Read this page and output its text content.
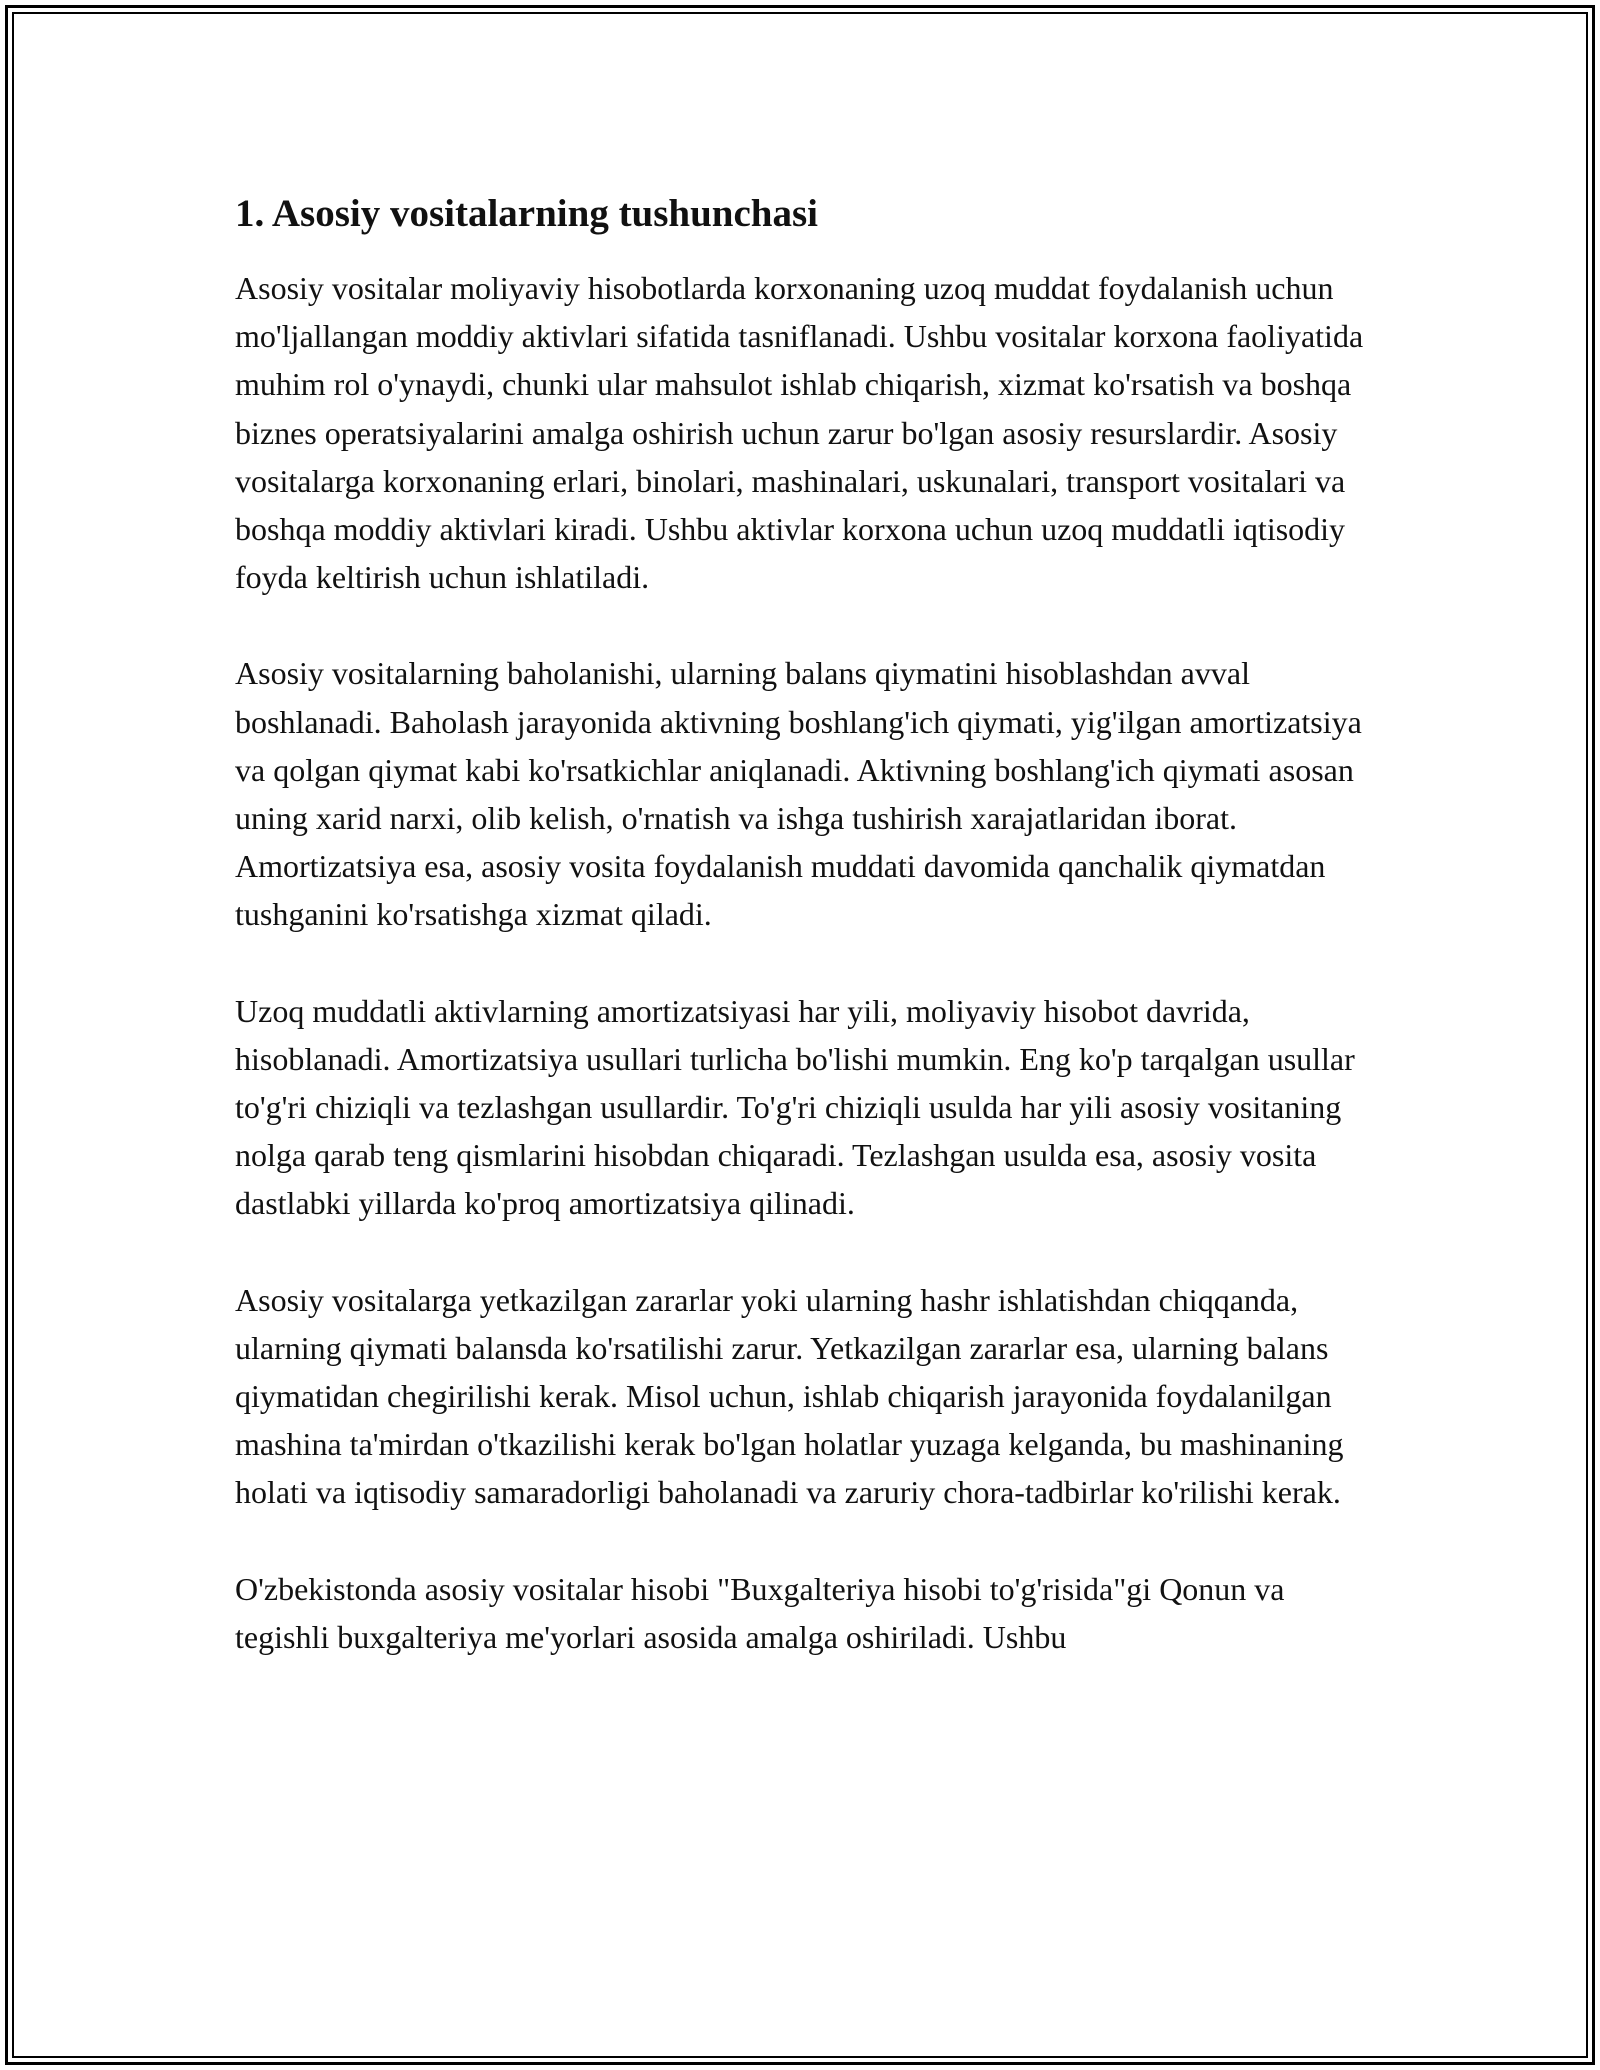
1. Asosiy vositalarning tushunchasi

Asosiy vositalar moliyaviy hisobotlarda korxonaning uzoq muddat foydalanish uchun mo'ljallangan moddiy aktivlari sifatida tasniflanadi. Ushbu vositalar korxona faoliyatida muhim rol o'ynaydi, chunki ular mahsulot ishlab chiqarish, xizmat ko'rsatish va boshqa biznes operatsiyalarini amalga oshirish uchun zarur bo'lgan asosiy resurslardir. Asosiy vositalarga korxonaning erlari, binolari, mashinalari, uskunalari, transport vositalari va boshqa moddiy aktivlari kiradi. Ushbu aktivlar korxona uchun uzoq muddatli iqtisodiy foyda keltirish uchun ishlatiladi.

Asosiy vositalarning baholanishi, ularning balans qiymatini hisoblashdan avval boshlanadi. Baholash jarayonida aktivning boshlang'ich qiymati, yig'ilgan amortizatsiya va qolgan qiymat kabi ko'rsatkichlar aniqlanadi. Aktivning boshlang'ich qiymati asosan uning xarid narxi, olib kelish, o'rnatish va ishga tushirish xarajatlaridan iborat. Amortizatsiya esa, asosiy vosita foydalanish muddati davomida qanchalik qiymatdan tushganini ko'rsatishga xizmat qiladi.

Uzoq muddatli aktivlarning amortizatsiyasi har yili, moliyaviy hisobot davrida, hisoblanadi. Amortizatsiya usullari turlicha bo'lishi mumkin. Eng ko'p tarqalgan usullar to'g'ri chiziqli va tezlashgan usullardir. To'g'ri chiziqli usulda har yili asosiy vositaning nolga qarab teng qismlarini hisobdan chiqaradi. Tezlashgan usulda esa, asosiy vosita dastlabki yillarda ko'proq amortizatsiya qilinadi.

Asosiy vositalarga yetkazilgan zararlar yoki ularning hashr ishlatishdan chiqqanda, ularning qiymati balansda ko'rsatilishi zarur. Yetkazilgan zararlar esa, ularning balans qiymatidan chegirilishi kerak. Misol uchun, ishlab chiqarish jarayonida foydalanilgan mashina ta'mirdan o'tkazilishi kerak bo'lgan holatlar yuzaga kelganda, bu mashinaning holati va iqtisodiy samaradorligi baholanadi va zaruriy chora-tadbirlar ko'rilishi kerak.

O'zbekistonda asosiy vositalar hisobi "Buxgalteriya hisobi to'g'risida"gi Qonun va tegishli buxgalteriya me'yorlari asosida amalga oshiriladi. Ushbu
